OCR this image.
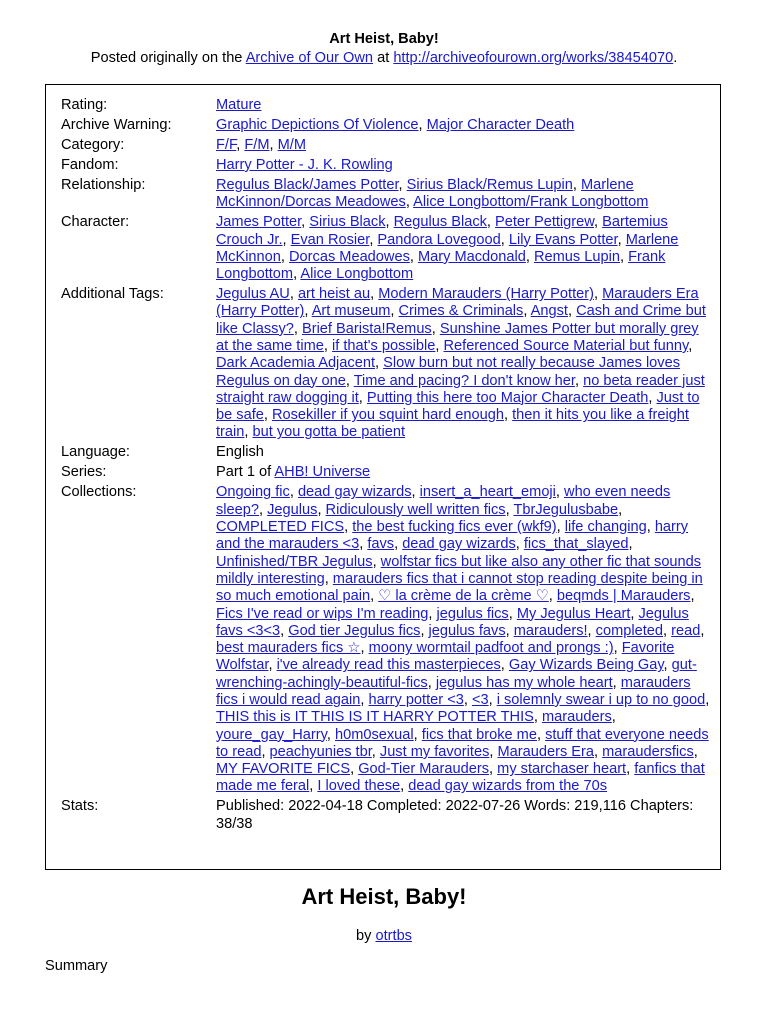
Art Heist, Baby!
Posted originally on the Archive of Our Own at http://archiveofourown.org/works/38454070.
Rating:	Mature
Archive Warning:	Graphic Depictions Of Violence, Major Character Death
Category:	F/F, F/M, M/M
Fandom:	Harry Potter - J. K. Rowling
Relationship:	Regulus Black/James Potter, Sirius Black/Remus Lupin, Marlene McKinnon/Dorcas Meadowes, Alice Longbottom/Frank Longbottom
Character:	James Potter, Sirius Black, Regulus Black, Peter Pettigrew, Bartemius Crouch Jr., Evan Rosier, Pandora Lovegood, Lily Evans Potter, Marlene McKinnon, Dorcas Meadowes, Mary Macdonald, Remus Lupin, Frank Longbottom, Alice Longbottom
Additional Tags:	Jegulus AU, art heist au, Modern Marauders (Harry Potter), Marauders Era (Harry Potter), Art museum, Crimes & Criminals, Angst, Cash and Crime but like Classy?, Brief Barista!Remus, Sunshine James Potter but morally grey at the same time, if that's possible, Referenced Source Material but funny, Dark Academia Adjacent, Slow burn but not really because James loves Regulus on day one, Time and pacing? I don't know her, no beta reader just straight raw dogging it, Putting this here too Major Character Death, Just to be safe, Rosekiller if you squint hard enough, then it hits you like a freight train, but you gotta be patient
Language:	English
Series:	Part 1 of AHB! Universe
Collections:	Ongoing fic, dead gay wizards, insert_a_heart_emoji, who even needs sleep?, Jegulus, Ridiculously well written fics, TbrJegulusbabe, COMPLETED FICS, the best fucking fics ever (wkf9), life changing, harry and the marauders <3, favs, dead gay wizards, fics_that_slayed, Unfinished/TBR Jegulus, wolfstar fics but like also any other fic that sounds mildly interesting, marauders fics that i cannot stop reading despite being in so much emotional pain, ♡ la crème de la crème ♡, beqmds | Marauders, Fics I've read or wips I'm reading, jegulus fics, My Jegulus Heart, Jegulus favs <3<3, God tier Jegulus fics, jegulus favs, marauders!, completed, read, best mauraders fics ☆, moony wormtail padfoot and prongs :), Favorite Wolfstar, i've already read this masterpieces, Gay Wizards Being Gay, gut-wrenching-achingly-beautiful-fics, jegulus has my whole heart, marauders fics i would read again, harry potter <3, <3, i solemnly swear i up to no good, THIS this is IT THIS IS IT HARRY POTTER THIS, marauders, youre_gay_Harry, h0m0sexual, fics that broke me, stuff that everyone needs to read, peachyunies tbr, Just my favorites, Marauders Era, maraudersfics, MY FAVORITE FICS, God-Tier Marauders, my starchaser heart, fanfics that made me feral, I loved these, dead gay wizards from the 70s
Stats:	Published: 2022-04-18 Completed: 2022-07-26 Words: 219,116 Chapters: 38/38
Art Heist, Baby!
by otrtbs
Summary
